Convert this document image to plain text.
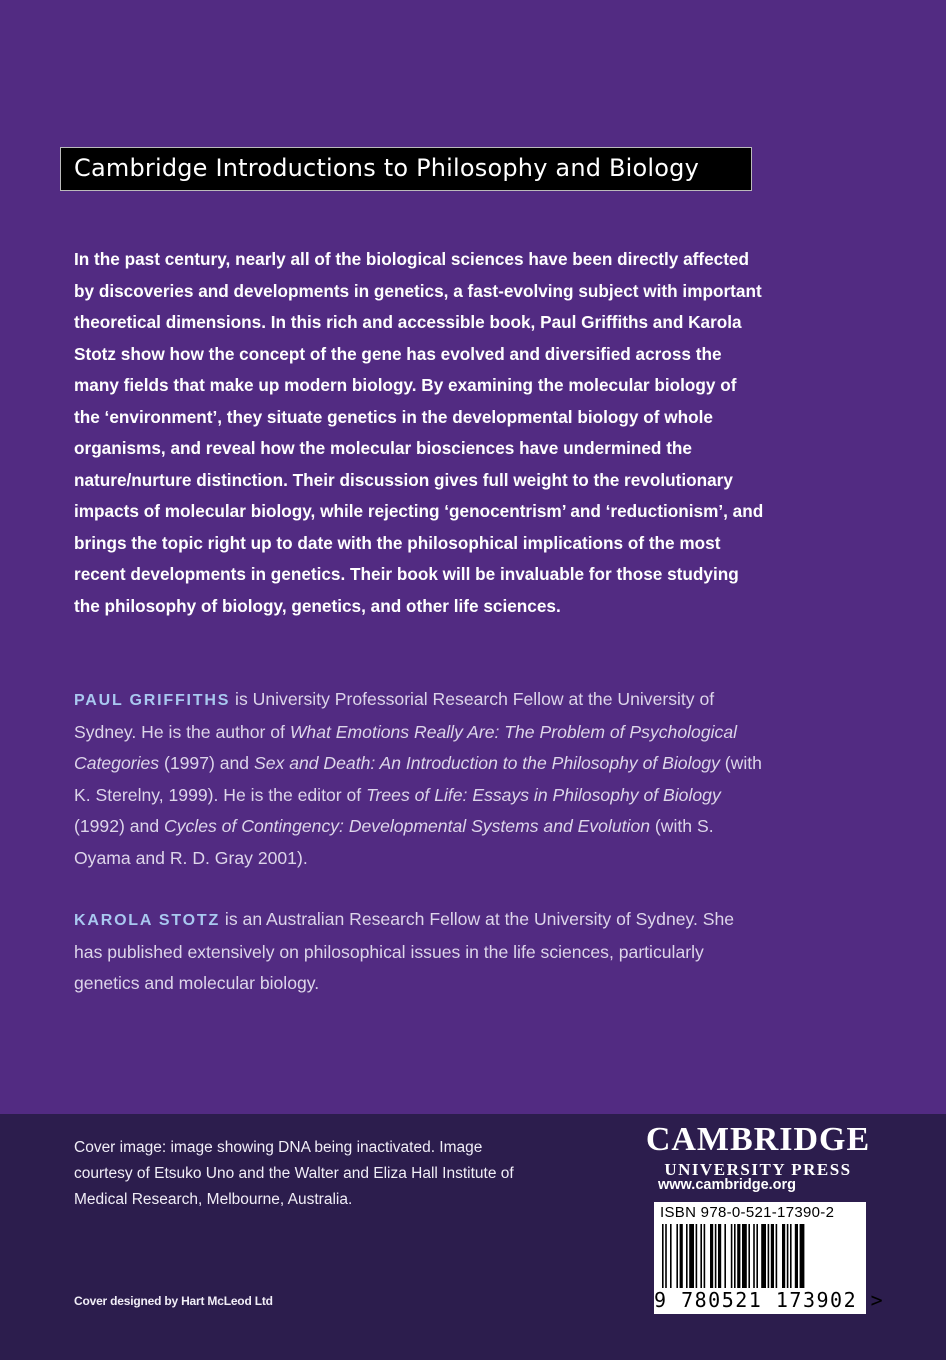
Cambridge Introductions to Philosophy and Biology
In the past century, nearly all of the biological sciences have been directly affected by discoveries and developments in genetics, a fast-evolving subject with important theoretical dimensions. In this rich and accessible book, Paul Griffiths and Karola Stotz show how the concept of the gene has evolved and diversified across the many fields that make up modern biology. By examining the molecular biology of the ‘environment’, they situate genetics in the developmental biology of whole organisms, and reveal how the molecular biosciences have undermined the nature/nurture distinction. Their discussion gives full weight to the revolutionary impacts of molecular biology, while rejecting ‘genocentrism’ and ‘reductionism’, and brings the topic right up to date with the philosophical implications of the most recent developments in genetics. Their book will be invaluable for those studying the philosophy of biology, genetics, and other life sciences.
PAUL GRIFFITHS is University Professorial Research Fellow at the University of Sydney. He is the author of What Emotions Really Are: The Problem of Psychological Categories (1997) and Sex and Death: An Introduction to the Philosophy of Biology (with K. Sterelny, 1999). He is the editor of Trees of Life: Essays in Philosophy of Biology (1992) and Cycles of Contingency: Developmental Systems and Evolution (with S. Oyama and R. D. Gray 2001).
KAROLA STOTZ is an Australian Research Fellow at the University of Sydney. She has published extensively on philosophical issues in the life sciences, particularly genetics and molecular biology.
Cover image: image showing DNA being inactivated. Image courtesy of Etsuko Uno and the Walter and Eliza Hall Institute of Medical Research, Melbourne, Australia.
Cover designed by Hart McLeod Ltd
CAMBRIDGE
UNIVERSITY PRESS
www.cambridge.org
ISBN 978-0-521-17390-2
9 780521 173902 >
